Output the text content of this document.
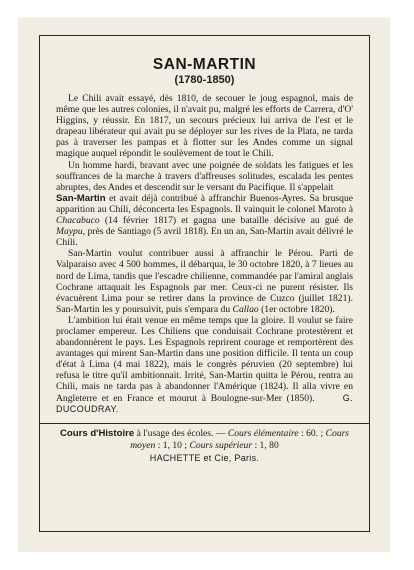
SAN-MARTIN
(1780-1850)

Le Chili avait essayé, dès 1810, de secouer le joug espagnol, mais de même que les autres colonies, il n'avait pu, malgré les efforts de Carrera, d'O' Higgins, y réussir. En 1817, un secours précieux lui arriva de l'est et le drapeau libérateur qui avait pu se déployer sur les rives de la Plata, ne tarda pas à traverser les pampas et à flotter sur les Andes comme un signal magique auquel répondit le soulèvement de tout le Chili.

Un homme hardi, bravant avec une poignée de soldats les fatigues et les souffrances de la marche à travers d'affreuses solitudes, escalada les pentes abruptes, des Andes et descendit sur le versant du Pacifique. Il s'appelait
San-Martin et avait déjà contribué à affranchir Buenos-Ayres. Sa brusque apparition au Chili, déconcerta les Espagnols. Il vainquit le colonel Maroto à Chacabuco (14 février 1817) et gagna une bataille décisive au gué de Maypu, près de Santiago (5 avril 1818). En un an, San-Martin avait délivré le Chili.

San-Martin voulut contribuer aussi à affranchir le Pérou. Parti de Valparaiso avec 4 500 hommes, il débarqua, le 30 octobre 1820, à 7 lieues au nord de Lima, tandis que l'escadre chilienne, commandée par l'amiral anglais Cochrane attaquait les Espagnols par mer. Ceux-ci ne purent résister. Ils évacuèrent Lima pour se retirer dans la province de Cuzco (juillet 1821). San-Martin les y poursuivit, puis s'empara du Callao (1er octobre 1820).

L'ambition lui était venue en même temps que la gloire. Il voulut se faire proclamer empereur. Les Chiliens que conduisait Cochrane protestèrent et abandonnèrent le pays. Les Espagnols reprirent courage et remportèrent des avantages qui mirent San-Martin dans une position difficile. Il tenta un coup d'état à Lima (4 mai 1822), mais le congrès péruvien (20 septembre) lui refusa le titre qu'il ambitionnait. Irrité, San-Martin quitta le Pérou, rentra au Chili, mais ne tarda pas à abandonner l'Amérique (1824). Il alla vivre en Angleterre et en France et mourut à Boulogne-sur-Mer (1850).	G. DUCOUDRAY.

Cours d'Histoire à l'usage des écoles. — Cours élémentaire : 60. ; Cours moyen : 1, 10 ; Cours supérieur : 1, 80
HACHETTE et Cie, Paris.
